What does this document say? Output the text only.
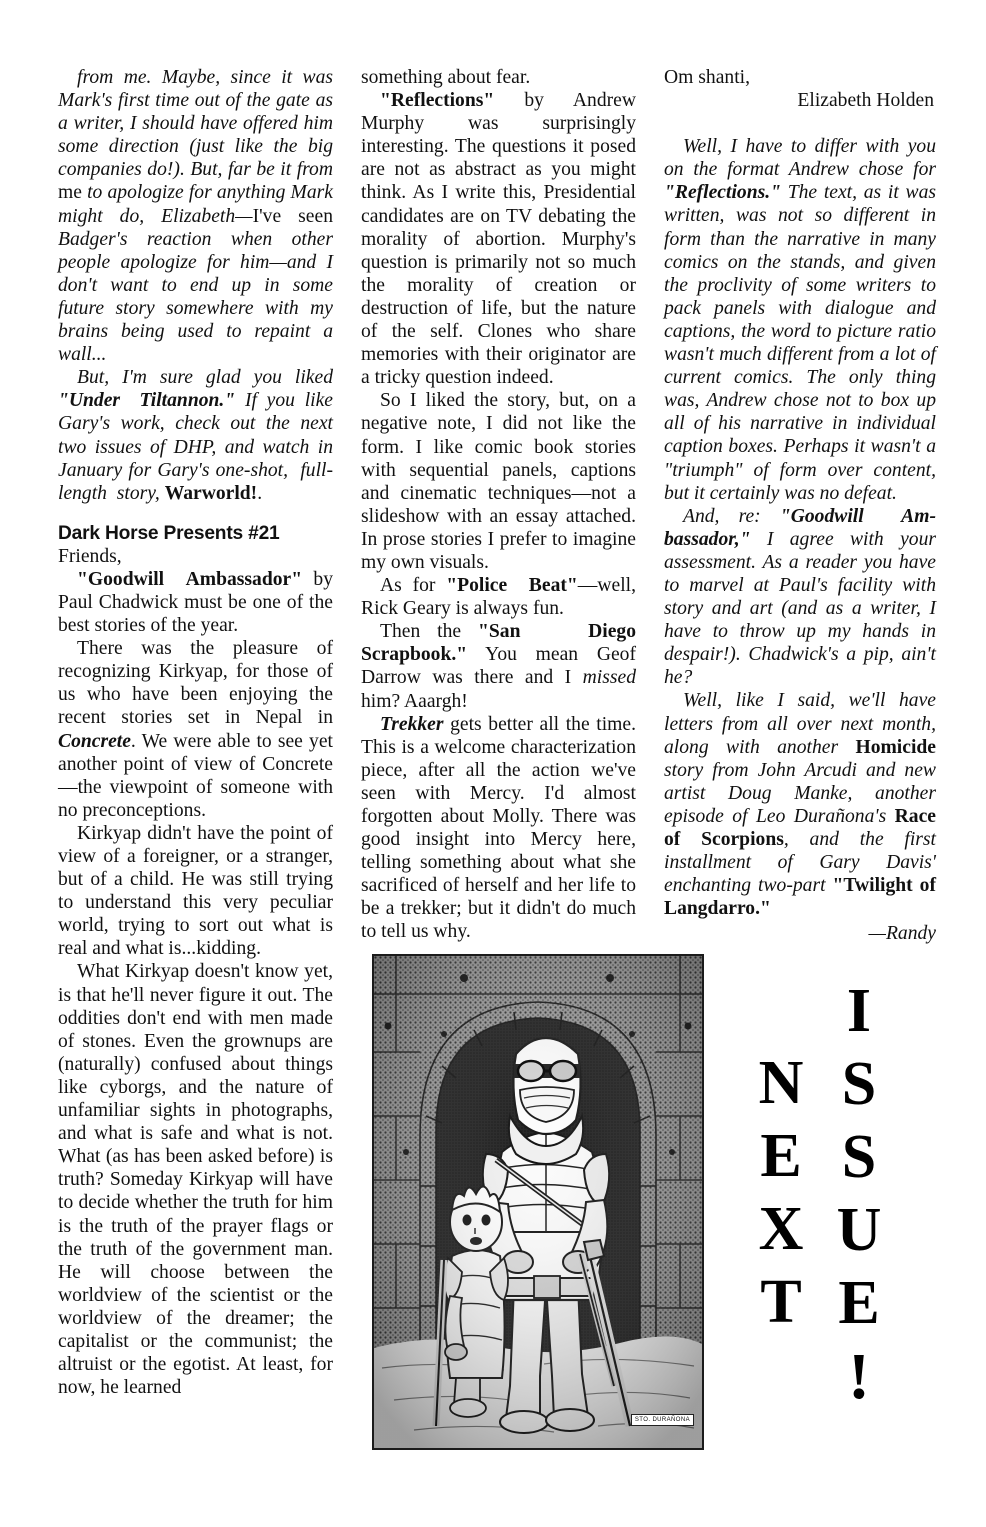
from me. Maybe, since it was Mark's first time out of the gate as a writer, I should have offered him some direction (just like the big companies do!). But, far be it from me to apologize for anything Mark might do, Elizabeth—I've seen Badger's reaction when other people apologize for him—and I don't want to end up in some future story somewhere with my brains being used to repaint a wall...

But, I'm sure glad you liked "Under  Tiltannon." If you like Gary's work, check out the next two issues of DHP, and watch in January for Gary's one-shot,  full-length  story, Warworld!.

Dark Horse Presents #21

Friends,

"Goodwill  Ambassador" by Paul Chadwick must be one of the best stories of the year.

There was the pleasure of recognizing Kirkyap, for those of us who have been enjoying the recent stories set in Nepal in Concrete. We were able to see yet another point of view of Concrete—the viewpoint of someone with no preconceptions.

Kirkyap didn't have the point of view of a foreigner, or a stranger, but of a child. He was still trying to understand this very peculiar world, trying to sort out what is real and what is...kidding.

What Kirkyap doesn't know yet, is that he'll never figure it out. The oddities don't end with men made of stones. Even the grownups are (naturally) confused about things like cyborgs, and the nature of unfamiliar sights in photographs, and what is safe and what is not. What (as has been asked before) is truth? Someday Kirkyap will have to decide whether the truth for him is the truth of the prayer flags or the truth of the government man. He will choose between the worldview of the scientist or the worldview of the dreamer; the capitalist or the communist; the altruist or the egotist. At least, for now, he learned

something about fear.

"Reflections" by Andrew Murphy was surprisingly interesting. The questions it posed are not as abstract as you might think. As I write this, Presidential candidates are on TV debating the morality of abortion. Murphy's question is primarily not so much the morality of creation or destruction of life, but the nature of the self. Clones who share memories with their originator are a tricky question indeed.

So I liked the story, but, on a negative note, I did not like the form. I like comic book stories with sequential panels, captions and cinematic techniques—not a slideshow with an essay attached. In prose stories I prefer to imagine my own visuals.

As for "Police  Beat"—well, Rick Geary is always fun.

Then the "San    Diego Scrapbook." You mean Geof Darrow was there and I missed him? Aaargh!

Trekker gets better all the time. This is a welcome characterization piece, after all the action we've seen with Mercy. I'd almost forgotten about Molly. There was good insight into Mercy here, telling something about what she sacrificed of herself and her life to be a trekker; but it didn't do much to tell us why.

Om shanti,

Elizabeth Holden

Well, I have to differ with you on the format Andrew chose for "Reflections." The text, as it was written, was not so different in form than the narrative in many comics on the stands, and given the proclivity of some writers to pack panels with dialogue and captions, the word to picture ratio wasn't much different from a lot of current comics. The only thing was, Andrew chose not to box up all of his narrative in individual caption boxes. Perhaps it wasn't a "triumph" of form over content, but it certainly was no defeat.

And, re: "Goodwill  Am-bassador," I agree with your assessment. As a reader you have to marvel at Paul's facility with story and art (and as a writer, I have to throw up my hands in despair!). Chadwick's a pip, ain't he?

Well, like I said, we'll have letters from all over next month, along with another Homicide story from John Arcudi and new artist Doug Manke, another episode of Leo Durañona's Race of Scorpions, and the first installment of Gary Davis' enchanting two-part "Twilight of Langdarro."

—Randy

STO. DURAÑONA
N
E
X
T
I
S
S
U
E
!
